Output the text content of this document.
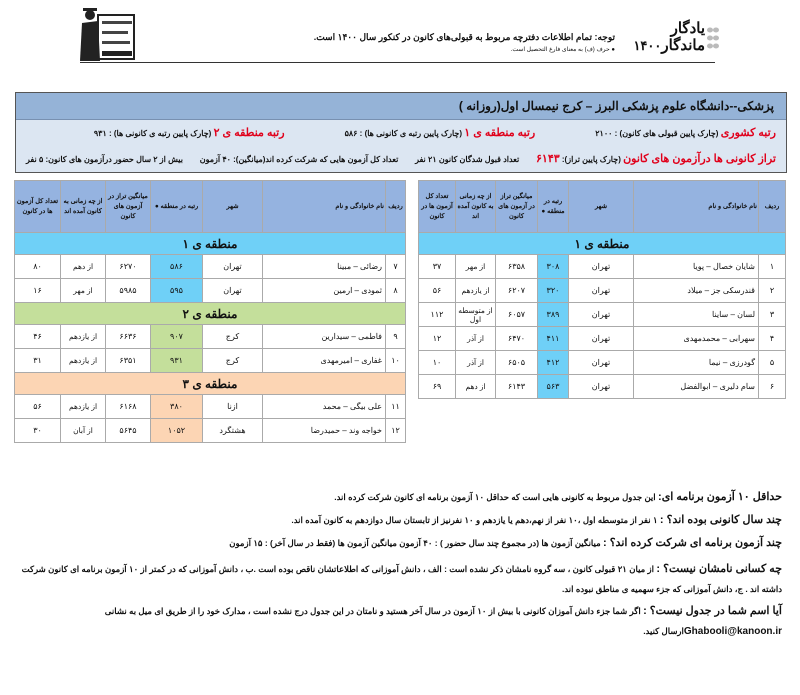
یادگار
ماندگار۱۴۰۰
توجه: تمام اطلاعات دفترچه مربوط به قبولی‌های کانون در کنکور سال ۱۴۰۰ است.
● حرف (ف) به معنای فارغ التحصیل است.
پزشکی--دانشگاه علوم پزشکی البرز – کرج نیمسال اول(روزانه )
رتبه کشوری (چارک پایین قبولی های کانون) : ۲۱۰۰
رتبه منطقه ی ۱ (چارک پایین رتبه ی کانونی ها) : ۵۸۶
رتبه منطقه ی ۲ (چارک پایین رتبه ی کانونی ها) : ۹۳۱
تراز کانونی ها درآزمون های کانون (چارک پایین تراز): ۶۱۴۳
تعداد قبول شدگان کانون ۲۱ نفر
تعداد کل آزمون هایی که شرکت کرده اند(میانگین): ۴۰ آزمون
بیش از ۲ سال حضور درآزمون های کانون: ۵ نفر
ردیف	نام خانوادگی و نام	شهر	رتبه در منطقه ●	میانگین تراز در آزمون های کانون	از چه زمانی به کانون آمده اند	تعداد کل آزمون ها در کانون
منطقه ی ۱						
۱	شایان خصال – پویا	تهران	۳۰۸	۶۳۵۸	از مهر	۳۷
۲	قندرسکی جز – میلاد	تهران	۳۲۰	۶۲۰۷	از یازدهم	۵۶
۳	لسان – ساینا	تهران	۳۸۹	۶۰۵۷	از متوسطه اول	۱۱۲
۴	سهرابی – محمدمهدی	تهران	۴۱۱	۶۴۷۰	از آذر	۱۲
۵	گودرزی – نیما	تهران	۴۱۲	۶۵۰۵	از آذر	۱۰
۶	سام دلیری – ابوالفضل	تهران	۵۶۳	۶۱۴۳	از دهم	۶۹
ردیف	نام خانوادگی و نام	شهر	رتبه در منطقه ●	میانگین تراز در آزمون های کانون	از چه زمانی به کانون آمده اند	تعداد کل آزمون ها در کانون
منطقه ی ۱						
۷	رضائی – مبینا	تهران	۵۸۶	۶۲۷۰	از دهم	۸۰
۸	ثمودی – ارمین	تهران	۵۹۵	۵۹۸۵	از مهر	۱۶
منطقه ی ۲						
۹	فاطمی – سیدارین	کرج	۹۰۷	۶۶۳۶	از یازدهم	۴۶
۱۰	غفاری – امیرمهدی	کرج	۹۳۱	۶۳۵۱	از یازدهم	۳۱
منطقه ی ۳						
۱۱	علی بیگی – محمد	ازنا	۳۸۰	۶۱۶۸	از یازدهم	۵۶
۱۲	خواجه وند – حمیدرضا	هشتگرد	۱۰۵۲	۵۶۴۵	از آبان	۳۰

حداقل ۱۰ آزمون برنامه ای: این جدول مربوط به کانونی هایی است که حداقل ۱۰ آزمون برنامه ای کانون شرکت کرده اند.

چند سال کانونی بوده اند؟ : ۱ نفر از متوسطه اول ،۱۰ نفر از نهم،دهم یا یازدهم و ۱۰ نفرنیز از تابستان سال دوازدهم به کانون آمده اند.

چند آزمون برنامه ای شرکت کرده اند؟ : میانگین آزمون ها (در مجموع چند سال حضور ) : ۴۰ آزمون میانگین آزمون ها (فقط در سال آخر) : ۱۵ آزمون

چه کسانی نامشان نیست؟ : از میان ۲۱ قبولی کانون ، سه گروه نامشان ذکر نشده است : الف ، دانش آموزانی که اطلاعاتشان ناقص بوده است .ب ، دانش آموزانی که در کمتر از ۱۰ آزمون برنامه ای کانون شرکت داشته اند . ج، دانش آموزانی که جزء سهمیه ی مناطق نبوده اند.

آیا اسم شما در جدول نیست؟ : اگر شما جزء دانش آموزان کانونی با بیش از ۱۰ آزمون در سال آخر هستید و نامتان در این جدول درج نشده است ، مدارک خود را از طریق ای میل به نشانی
Ghabooli@kanoon.irارسال کنید.
